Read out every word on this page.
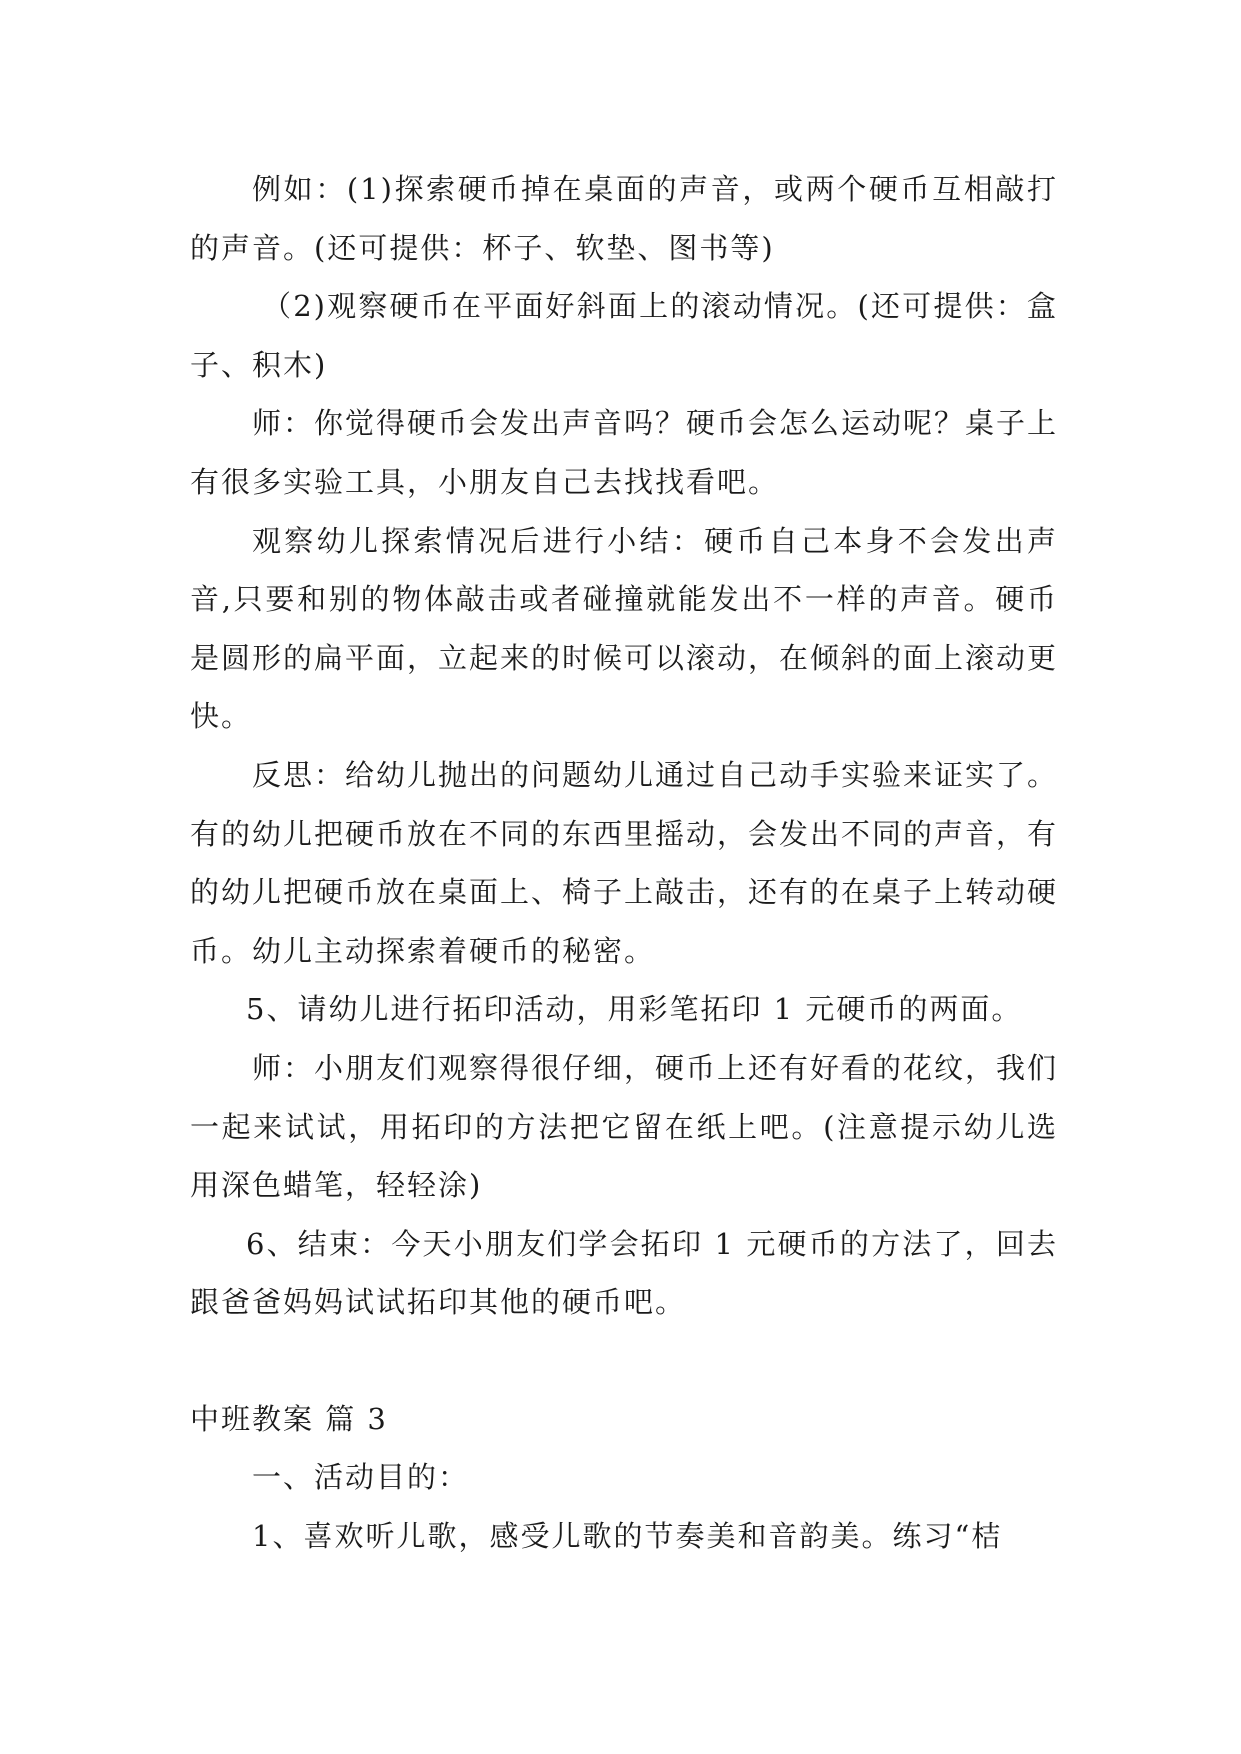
例如：(1)探索硬币掉在桌面的声音，或两个硬币互相敲打的声音。(还可提供：杯子、软垫、图书等)

（2)观察硬币在平面好斜面上的滚动情况。(还可提供：盒子、积木)

师：你觉得硬币会发出声音吗？硬币会怎么运动呢？桌子上有很多实验工具，小朋友自己去找找看吧。

观察幼儿探索情况后进行小结：硬币自己本身不会发出声音,只要和别的物体敲击或者碰撞就能发出不一样的声音。硬币是圆形的扁平面，立起来的时候可以滚动，在倾斜的面上滚动更快。

反思：给幼儿抛出的问题幼儿通过自己动手实验来证实了。有的幼儿把硬币放在不同的东西里摇动，会发出不同的声音，有的幼儿把硬币放在桌面上、椅子上敲击，还有的在桌子上转动硬币。幼儿主动探索着硬币的秘密。

5、请幼儿进行拓印活动，用彩笔拓印 1 元硬币的两面。

师：小朋友们观察得很仔细，硬币上还有好看的花纹，我们一起来试试，用拓印的方法把它留在纸上吧。(注意提示幼儿选用深色蜡笔，轻轻涂)

6、结束：今天小朋友们学会拓印 1 元硬币的方法了，回去跟爸爸妈妈试试拓印其他的硬币吧。

中班教案 篇 3

一、活动目的：

1、喜欢听儿歌，感受儿歌的节奏美和音韵美。练习“桔
